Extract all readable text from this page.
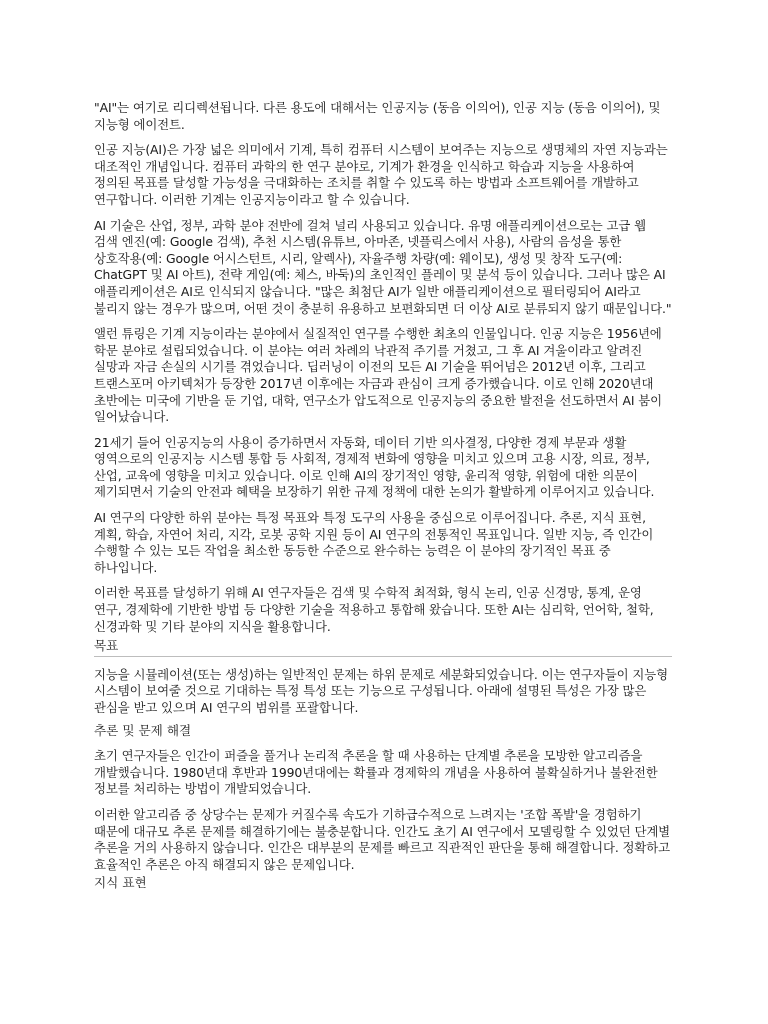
"AI"는 여기로 리디렉션됩니다. 다른 용도에 대해서는 인공지능 (동음 이의어), 인공 지능 (동음 이의어), 및 지능형 에이전트.

인공 지능(AI)은 가장 넓은 의미에서 기계, 특히 컴퓨터 시스템이 보여주는 지능으로 생명체의 자연 지능과는 대조적인 개념입니다. 컴퓨터 과학의 한 연구 분야로, 기계가 환경을 인식하고 학습과 지능을 사용하여 정의된 목표를 달성할 가능성을 극대화하는 조치를 취할 수 있도록 하는 방법과 소프트웨어를 개발하고 연구합니다. 이러한 기계는 인공지능이라고 할 수 있습니다.

AI 기술은 산업, 정부, 과학 분야 전반에 걸쳐 널리 사용되고 있습니다. 유명 애플리케이션으로는 고급 웹 검색 엔진(예: Google 검색), 추천 시스템(유튜브, 아마존, 넷플릭스에서 사용), 사람의 음성을 통한 상호작용(예: Google 어시스턴트, 시리, 알렉사), 자율주행 차량(예: 웨이모), 생성 및 창작 도구(예: ChatGPT 및 AI 아트), 전략 게임(예: 체스, 바둑)의 초인적인 플레이 및 분석 등이 있습니다. 그러나 많은 AI 애플리케이션은 AI로 인식되지 않습니다. "많은 최첨단 AI가 일반 애플리케이션으로 필터링되어 AI라고 불리지 않는 경우가 많으며, 어떤 것이 충분히 유용하고 보편화되면 더 이상 AI로 분류되지 않기 때문입니다."

앨런 튜링은 기계 지능이라는 분야에서 실질적인 연구를 수행한 최초의 인물입니다. 인공 지능은 1956년에 학문 분야로 설립되었습니다. 이 분야는 여러 차례의 낙관적 주기를 거쳤고, 그 후 AI 겨울이라고 알려진 실망과 자금 손실의 시기를 겪었습니다. 딥러닝이 이전의 모든 AI 기술을 뛰어넘은 2012년 이후, 그리고 트랜스포머 아키텍처가 등장한 2017년 이후에는 자금과 관심이 크게 증가했습니다. 이로 인해 2020년대 초반에는 미국에 기반을 둔 기업, 대학, 연구소가 압도적으로 인공지능의 중요한 발전을 선도하면서 AI 붐이 일어났습니다.

21세기 들어 인공지능의 사용이 증가하면서 자동화, 데이터 기반 의사결정, 다양한 경제 부문과 생활 영역으로의 인공지능 시스템 통합 등 사회적, 경제적 변화에 영향을 미치고 있으며 고용 시장, 의료, 정부, 산업, 교육에 영향을 미치고 있습니다. 이로 인해 AI의 장기적인 영향, 윤리적 영향, 위험에 대한 의문이 제기되면서 기술의 안전과 혜택을 보장하기 위한 규제 정책에 대한 논의가 활발하게 이루어지고 있습니다.

AI 연구의 다양한 하위 분야는 특정 목표와 특정 도구의 사용을 중심으로 이루어집니다. 추론, 지식 표현, 계획, 학습, 자연어 처리, 지각, 로봇 공학 지원 등이 AI 연구의 전통적인 목표입니다. 일반 지능, 즉 인간이 수행할 수 있는 모든 작업을 최소한 동등한 수준으로 완수하는 능력은 이 분야의 장기적인 목표 중 하나입니다.

이러한 목표를 달성하기 위해 AI 연구자들은 검색 및 수학적 최적화, 형식 논리, 인공 신경망, 통계, 운영 연구, 경제학에 기반한 방법 등 다양한 기술을 적용하고 통합해 왔습니다. 또한 AI는 심리학, 언어학, 철학, 신경과학 및 기타 분야의 지식을 활용합니다.

목표

지능을 시뮬레이션(또는 생성)하는 일반적인 문제는 하위 문제로 세분화되었습니다. 이는 연구자들이 지능형 시스템이 보여줄 것으로 기대하는 특정 특성 또는 기능으로 구성됩니다. 아래에 설명된 특성은 가장 많은 관심을 받고 있으며 AI 연구의 범위를 포괄합니다.

추론 및 문제 해결

초기 연구자들은 인간이 퍼즐을 풀거나 논리적 추론을 할 때 사용하는 단계별 추론을 모방한 알고리즘을 개발했습니다. 1980년대 후반과 1990년대에는 확률과 경제학의 개념을 사용하여 불확실하거나 불완전한 정보를 처리하는 방법이 개발되었습니다.

이러한 알고리즘 중 상당수는 문제가 커질수록 속도가 기하급수적으로 느려지는 '조합 폭발'을 경험하기 때문에 대규모 추론 문제를 해결하기에는 불충분합니다. 인간도 초기 AI 연구에서 모델링할 수 있었던 단계별 추론을 거의 사용하지 않습니다. 인간은 대부분의 문제를 빠르고 직관적인 판단을 통해 해결합니다. 정확하고 효율적인 추론은 아직 해결되지 않은 문제입니다.

지식 표현
